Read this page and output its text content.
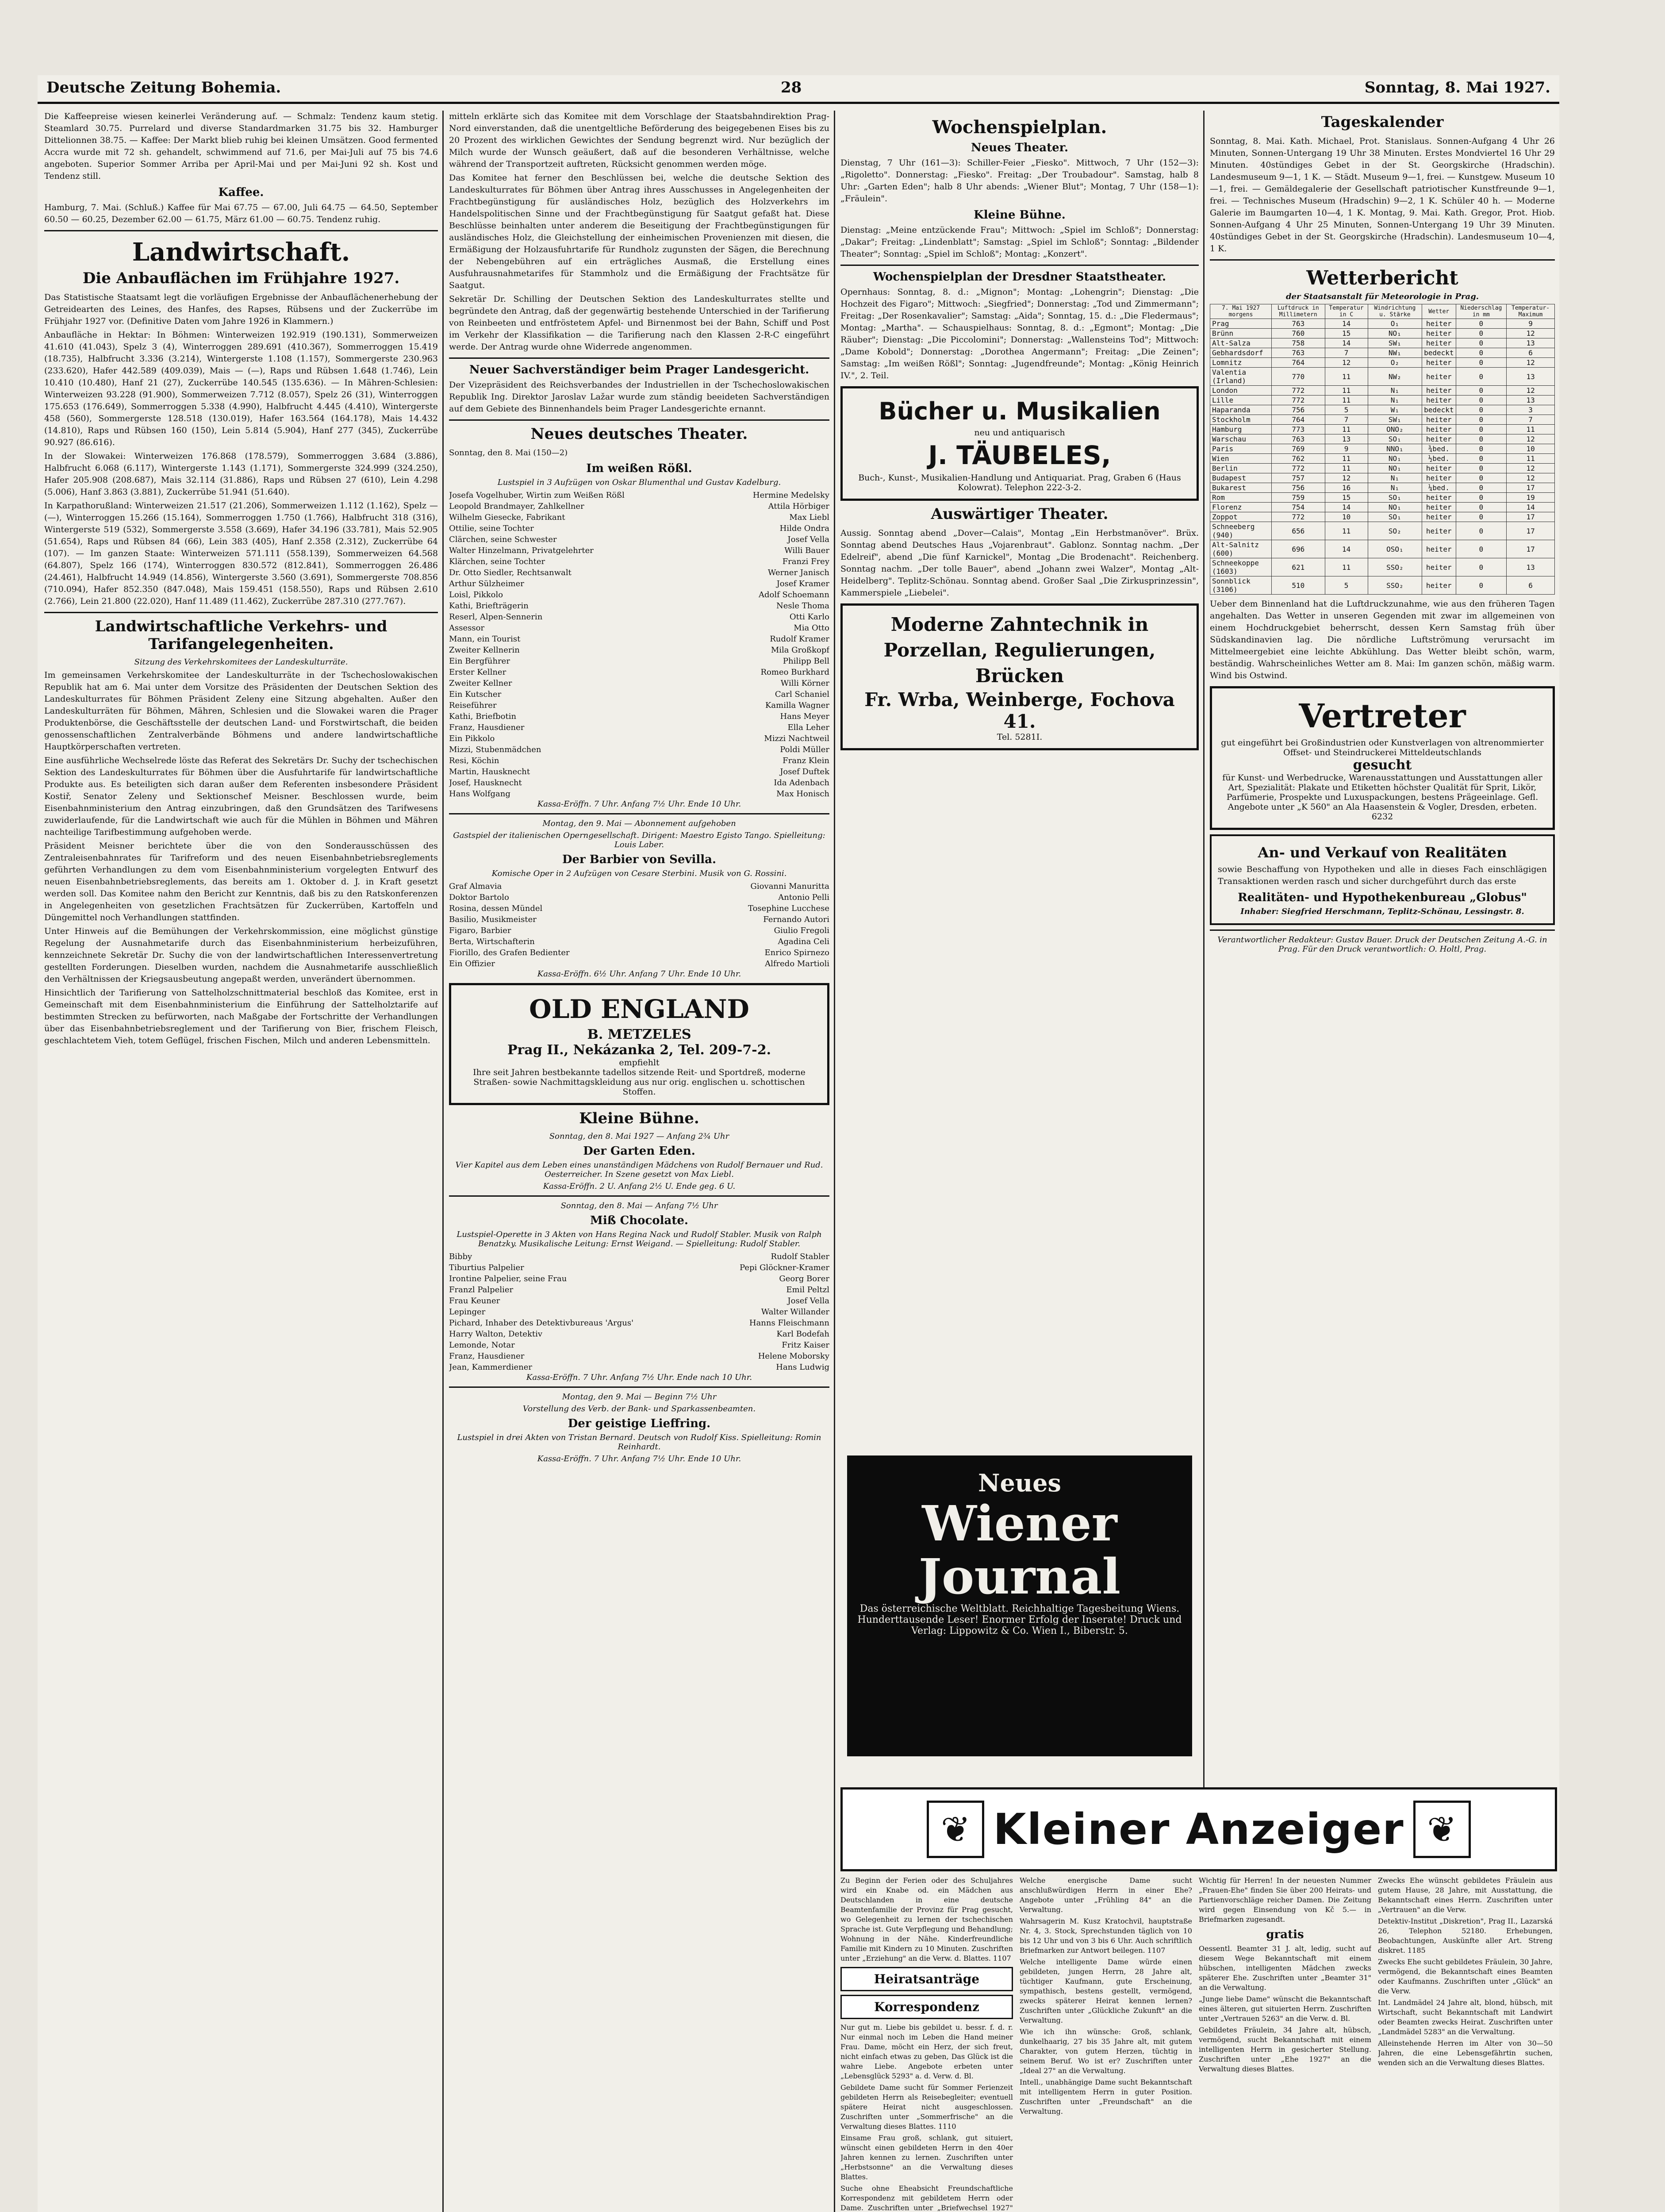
Deutsche Zeitung Bohemia.	28	Sonntag, 8. Mai 1927.

Die Kaffeepreise wiesen keinerlei Veränderung auf. — Schmalz: Tendenz kaum stetig. Steamlard 30.75. Purrelard und diverse Standardmarken 31.75 bis 32. Hamburger Dittelionnen 38.75. — Kaffee: Der Markt blieb ruhig bei kleinen Umsätzen. Good fermented Accra wurde mit 72 sh. gehandelt, schwimmend auf 71.6, per Mai-Juli auf 75 bis 74.6 angeboten. Superior Sommer Arriba per April-Mai und per Mai-Juni 92 sh. Kost und Tendenz still.

Kaffee.

Hamburg, 7. Mai. (Schluß.) Kaffee für Mai 67.75 — 67.00, Juli 64.75 — 64.50, September 60.50 — 60.25, Dezember 62.00 — 61.75, März 61.00 — 60.75. Tendenz ruhig.

Landwirtschaft.
Die Anbauflächen im Frühjahre 1927.

Das Statistische Staatsamt legt die vorläufigen Ergebnisse der Anbauflächenerhebung der Getreidearten des Leines, des Hanfes, des Rapses, Rübsens und der Zuckerrübe im Frühjahr 1927 vor. (Definitive Daten vom Jahre 1926 in Klammern.)

Anbaufläche in Hektar: In Böhmen: Winterweizen 192.919 (190.131), Sommerweizen 41.610 (41.043), Spelz 3 (4), Winterroggen 289.691 (410.367), Sommerroggen 15.419 (18.735), Halbfrucht 3.336 (3.214), Wintergerste 1.108 (1.157), Sommergerste 230.963 (233.620), Hafer 442.589 (409.039), Mais — (—), Raps und Rübsen 1.648 (1.746), Lein 10.410 (10.480), Hanf 21 (27), Zuckerrübe 140.545 (135.636). — In Mähren-Schlesien: Winterweizen 93.228 (91.900), Sommerweizen 7.712 (8.057), Spelz 26 (31), Winterroggen 175.653 (176.649), Sommerroggen 5.338 (4.990), Halbfrucht 4.445 (4.410), Wintergerste 458 (560), Sommergerste 128.518 (130.019), Hafer 163.564 (164.178), Mais 14.432 (14.810), Raps und Rübsen 160 (150), Lein 5.814 (5.904), Hanf 277 (345), Zuckerrübe 90.927 (86.616).

In der Slowakei: Winterweizen 176.868 (178.579), Sommerroggen 3.684 (3.886), Halbfrucht 6.068 (6.117), Wintergerste 1.143 (1.171), Sommergerste 324.999 (324.250), Hafer 205.908 (208.687), Mais 32.114 (31.886), Raps und Rübsen 27 (610), Lein 4.298 (5.006), Hanf 3.863 (3.881), Zuckerrübe 51.941 (51.640).

In Karpathorußland: Winterweizen 21.517 (21.206), Sommerweizen 1.112 (1.162), Spelz — (—), Winterroggen 15.266 (15.164), Sommerroggen 1.750 (1.766), Halbfrucht 318 (316), Wintergerste 519 (532), Sommergerste 3.558 (3.669), Hafer 34.196 (33.781), Mais 52.905 (51.654), Raps und Rübsen 84 (66), Lein 383 (405), Hanf 2.358 (2.312), Zuckerrübe 64 (107). — Im ganzen Staate: Winterweizen 571.111 (558.139), Sommerweizen 64.568 (64.807), Spelz 166 (174), Winterroggen 830.572 (812.841), Sommerroggen 26.486 (24.461), Halbfrucht 14.949 (14.856), Wintergerste 3.560 (3.691), Sommergerste 708.856 (710.094), Hafer 852.350 (847.048), Mais 159.451 (158.550), Raps und Rübsen 2.610 (2.766), Lein 21.800 (22.020), Hanf 11.489 (11.462), Zuckerrübe 287.310 (277.767).

Landwirtschaftliche Verkehrs- und Tarifangelegenheiten.
Sitzung des Verkehrskomitees der Landeskulturräte.

Im gemeinsamen Verkehrskomitee der Landeskulturräte in der Tschechoslowakischen Republik hat am 6. Mai unter dem Vorsitze des Präsidenten der Deutschen Sektion des Landeskulturrates für Böhmen Präsident Zeleny eine Sitzung abgehalten. Außer den Landeskulturräten für Böhmen, Mähren, Schlesien und die Slowakei waren die Prager Produktenbörse, die Geschäftsstelle der deutschen Land- und Forstwirtschaft, die beiden genossenschaftlichen Zentralverbände Böhmens und andere landwirtschaftliche Hauptkörperschaften vertreten.

Eine ausführliche Wechselrede löste das Referat des Sekretärs Dr. Suchy der tschechischen Sektion des Landeskulturrates für Böhmen über die Ausfuhrtarife für landwirtschaftliche Produkte aus. Es beteiligten sich daran außer dem Referenten insbesondere Präsident Kostiř, Senator Zeleny und Sektionschef Meisner. Beschlossen wurde, beim Eisenbahnministerium den Antrag einzubringen, daß den Grundsätzen des Tarifwesens zuwiderlaufende, für die Landwirtschaft wie auch für die Mühlen in Böhmen und Mähren nachteilige Tarifbestimmung aufgehoben werde.

Präsident Meisner berichtete über die von den Sonderausschüssen des Zentraleisenbahnrates für Tarifreform und des neuen Eisenbahnbetriebsreglements geführten Verhandlungen zu dem vom Eisenbahnministerium vorgelegten Entwurf des neuen Eisenbahnbetriebsreglements, das bereits am 1. Oktober d. J. in Kraft gesetzt werden soll. Das Komitee nahm den Bericht zur Kenntnis, daß bis zu den Ratskonferenzen in Angelegenheiten von gesetzlichen Frachtsätzen für Zuckerrüben, Kartoffeln und Düngemittel noch Verhandlungen stattfinden.

Unter Hinweis auf die Bemühungen der Verkehrskommission, eine möglichst günstige Regelung der Ausnahmetarife durch das Eisenbahnministerium herbeizuführen, kennzeichnete Sekretär Dr. Suchy die von der landwirtschaftlichen Interessenvertretung gestellten Forderungen. Dieselben wurden, nachdem die Ausnahmetarife ausschließlich den Verhältnissen der Kriegsausbeutung angepaßt werden, unverändert übernommen.

Hinsichtlich der Tarifierung von Sattelholzschnittmaterial beschloß das Komitee, erst in Gemeinschaft mit dem Eisenbahnministerium die Einführung der Sattelholztarife auf bestimmten Strecken zu befürworten, nach Maßgabe der Fortschritte der Verhandlungen über das Eisenbahnbetriebsreglement und der Tarifierung von Bier, frischem Fleisch, geschlachtetem Vieh, totem Geflügel, frischen Fischen, Milch und anderen Lebensmitteln.

mitteln erklärte sich das Komitee mit dem Vorschlage der Staatsbahndirektion Prag-Nord einverstanden, daß die unentgeltliche Beförderung des beigegebenen Eises bis zu 20 Prozent des wirklichen Gewichtes der Sendung begrenzt wird. Nur bezüglich der Milch wurde der Wunsch geäußert, daß auf die besonderen Verhältnisse, welche während der Transportzeit auftreten, Rücksicht genommen werden möge.

Das Komitee hat ferner den Beschlüssen bei, welche die deutsche Sektion des Landeskulturrates für Böhmen über Antrag ihres Ausschusses in Angelegenheiten der Frachtbegünstigung für ausländisches Holz, bezüglich des Holzverkehrs im Handelspolitischen Sinne und der Frachtbegünstigung für Saatgut gefaßt hat. Diese Beschlüsse beinhalten unter anderem die Beseitigung der Frachtbegünstigungen für ausländisches Holz, die Gleichstellung der einheimischen Provenienzen mit diesen, die Ermäßigung der Holzausfuhrtarife für Rundholz zugunsten der Sägen, die Berechnung der Nebengebühren auf ein erträgliches Ausmaß, die Erstellung eines Ausfuhrausnahmetarifes für Stammholz und die Ermäßigung der Frachtsätze für Saatgut.

Sekretär Dr. Schilling der Deutschen Sektion des Landeskulturrates stellte und begründete den Antrag, daß der gegenwärtig bestehende Unterschied in der Tarifierung von Reinbeeten und entfröstetem Apfel- und Birnenmost bei der Bahn, Schiff und Post im Verkehr der Klassifikation — die Tarifierung nach den Klassen 2-R-C eingeführt werde. Der Antrag wurde ohne Widerrede angenommen.

Neuer Sachverständiger beim Prager Landesgericht.

Der Vizepräsident des Reichsverbandes der Industriellen in der Tschechoslowakischen Republik Ing. Direktor Jaroslav Lažar wurde zum ständig beeideten Sachverständigen auf dem Gebiete des Binnenhandels beim Prager Landesgerichte ernannt.

Neues deutsches Theater.
Sonntag, den 8. Mai (150—2)
Im weißen Rößl.
Lustspiel in 3 Aufzügen von Oskar Blumenthal und Gustav Kadelburg.
Josefa Vogelhuber, Wirtin zum Weißen Rößl	Hermine Medelsky
Leopold Brandmayer, Zahlkellner	Attila Hörbiger
Wilhelm Giesecke, Fabrikant	Max Liebl
Ottilie, seine Tochter	Hilde Ondra
Clärchen, seine Schwester	Josef Vella
Walter Hinzelmann, Privatgelehrter	Willi Bauer
Klärchen, seine Tochter	Franzi Frey
Dr. Otto Siedler, Rechtsanwalt	Werner Janisch
Arthur Sülzheimer	Josef Kramer
Loisl, Pikkolo	Adolf Schoemann
Kathi, Briefträgerin	Nesle Thoma
Reserl, Alpen-Sennerin	Otti Karlo
Assessor	Mia Otto
Mann, ein Tourist	Rudolf Kramer
Zweiter Kellnerin	Mila Großkopf
Ein Bergführer	Philipp Bell
Erster Kellner	Romeo Burkhard
Zweiter Kellner	Willi Körner
Ein Kutscher	Carl Schaniel
Reiseführer	Kamilla Wagner
Kathi, Briefbotin	Hans Meyer
Franz, Hausdiener	Ella Leher
Ein Pikkolo	Mizzi Nachtweil
Mizzi, Stubenmädchen	Poldi Müller
Resi, Köchin	Franz Klein
Martin, Hausknecht	Josef Duftek
Josef, Hausknecht	Ida Adenbach
Hans Wolfgang	Max Honisch
Kassa-Eröffn. 7 Uhr. Anfang 7½ Uhr. Ende 10 Uhr.
Montag, den 9. Mai — Abonnement aufgehoben
Gastspiel der italienischen Operngesellschaft. Dirigent: Maestro Egisto Tango. Spielleitung: Louis Laber.
Der Barbier von Sevilla.
Komische Oper in 2 Aufzügen von Cesare Sterbini. Musik von G. Rossini.
Graf Almavia	Giovanni Manuritta
Doktor Bartolo	Antonio Pelli
Rosina, dessen Mündel	Tosephine Lucchese
Basilio, Musikmeister	Fernando Autori
Figaro, Barbier	Giulio Fregoli
Berta, Wirtschafterin	Agadina Celi
Fiorillo, des Grafen Bedienter	Enrico Spirnezo
Ein Offizier	Alfredo Martioli
Kassa-Eröffn. 6½ Uhr. Anfang 7 Uhr. Ende 10 Uhr.
OLD ENGLAND
B. METZELES
Prag II., Nekázanka 2, Tel. 209-7-2.
empfiehlt
Ihre seit Jahren bestbekannte tadellos sitzende Reit- und Sportdreß, moderne Straßen- sowie Nachmittagskleidung aus nur orig. englischen u. schottischen Stoffen.
Kleine Bühne.
Sonntag, den 8. Mai 1927 — Anfang 2¾ Uhr
Der Garten Eden.
Vier Kapitel aus dem Leben eines unanständigen Mädchens von Rudolf Bernauer und Rud. Oesterreicher. In Szene gesetzt von Max Liebl.
Kassa-Eröffn. 2 U. Anfang 2½ U. Ende geg. 6 U.
Sonntag, den 8. Mai — Anfang 7½ Uhr
Miß Chocolate.
Lustspiel-Operette in 3 Akten von Hans Regina Nack und Rudolf Stabler. Musik von Ralph Benatzky. Musikalische Leitung: Ernst Weigand. — Spielleitung: Rudolf Stabler.
Bibby	Rudolf Stabler
Tiburtius Palpelier	Pepi Glöckner-Kramer
Irontine Palpelier, seine Frau	Georg Borer
Franzl Palpelier	Emil Peltzl
Frau Keuner	Josef Vella
Lepinger	Walter Willander
Pichard, Inhaber des Detektivbureaus 'Argus'	Hanns Fleischmann
Harry Walton, Detektiv	Karl Bodefah
Lemonde, Notar	Fritz Kaiser
Franz, Hausdiener	Helene Moborsky
Jean, Kammerdiener	Hans Ludwig
Kassa-Eröffn. 7 Uhr. Anfang 7½ Uhr. Ende nach 10 Uhr.
Montag, den 9. Mai — Beginn 7½ Uhr
Vorstellung des Verb. der Bank- und Sparkassenbeamten.
Der geistige Lieffring.
Lustspiel in drei Akten von Tristan Bernard. Deutsch von Rudolf Kiss. Spielleitung: Romin Reinhardt.
Kassa-Eröffn. 7 Uhr. Anfang 7½ Uhr. Ende 10 Uhr.
Wochenspielplan.
Neues Theater.

Dienstag, 7 Uhr (161—3): Schiller-Feier „Fiesko". Mittwoch, 7 Uhr (152—3): „Rigoletto". Donnerstag: „Fiesko". Freitag: „Der Troubadour". Samstag, halb 8 Uhr: „Garten Eden"; halb 8 Uhr abends: „Wiener Blut"; Montag, 7 Uhr (158—1): „Fräulein".

Kleine Bühne.

Dienstag: „Meine entzückende Frau"; Mittwoch: „Spiel im Schloß"; Donnerstag: „Dakar"; Freitag: „Lindenblatt"; Samstag: „Spiel im Schloß"; Sonntag: „Bildender Theater"; Sonntag: „Spiel im Schloß"; Montag: „Konzert".

Wochenspielplan der Dresdner Staatstheater.

Opernhaus: Sonntag, 8. d.: „Mignon"; Montag: „Lohengrin"; Dienstag: „Die Hochzeit des Figaro"; Mittwoch: „Siegfried"; Donnerstag: „Tod und Zimmermann"; Freitag: „Der Rosenkavalier"; Samstag: „Aida"; Sonntag, 15. d.: „Die Fledermaus"; Montag: „Martha". — Schauspielhaus: Sonntag, 8. d.: „Egmont"; Montag: „Die Räuber"; Dienstag: „Die Piccolomini"; Donnerstag: „Wallensteins Tod"; Mittwoch: „Dame Kobold"; Donnerstag: „Dorothea Angermann"; Freitag: „Die Zeinen"; Samstag: „Im weißen Rößl"; Sonntag: „Jugendfreunde"; Montag: „König Heinrich IV.", 2. Teil.

Bücher u. Musikalien
neu und antiquarisch
J. TÄUBELES,
Buch-, Kunst-, Musikalien-Handlung und Antiquariat. Prag, Graben 6 (Haus Kolowrat). Telephon 222-3-2.
Auswärtiger Theater.

Aussig. Sonntag abend „Dover—Calais", Montag „Ein Herbstmanöver". Brüx. Sonntag abend Deutsches Haus „Vojarenbraut". Gablonz. Sonntag nachm. „Der Edelreif", abend „Die fünf Karnickel", Montag „Die Brodenacht". Reichenberg. Sonntag nachm. „Der tolle Bauer", abend „Johann zwei Walzer", Montag „Alt-Heidelberg". Teplitz-Schönau. Sonntag abend. Großer Saal „Die Zirkusprinzessin", Kammerspiele „Liebelei".

Moderne Zahntechnik in Porzellan, Regulierungen, Brücken
Fr. Wrba, Weinberge, Fochova 41.
Tel. 5281I.
Neues
Wiener Journal
Das österreichische Weltblatt. Reichhaltige Tagesbeitung Wiens. Hunderttausende Leser! Enormer Erfolg der Inserate! Druck und Verlag: Lippowitz & Co. Wien I., Biberstr. 5.
Tageskalender

Sonntag, 8. Mai. Kath. Michael, Prot. Stanislaus. Sonnen-Aufgang 4 Uhr 26 Minuten, Sonnen-Untergang 19 Uhr 38 Minuten. Erstes Mondviertel 16 Uhr 29 Minuten. 40stündiges Gebet in der St. Georgskirche (Hradschin). Landesmuseum 9—1, 1 K. — Städt. Museum 9—1, frei. — Kunstgew. Museum 10—1, frei. — Gemäldegalerie der Gesellschaft patriotischer Kunstfreunde 9—1, frei. — Technisches Museum (Hradschin) 9—2, 1 K. Schüler 40 h. — Moderne Galerie im Baumgarten 10—4, 1 K. Montag, 9. Mai. Kath. Gregor, Prot. Hiob. Sonnen-Aufgang 4 Uhr 25 Minuten, Sonnen-Untergang 19 Uhr 39 Minuten. 40stündiges Gebet in der St. Georgskirche (Hradschin). Landesmuseum 10—4, 1 K.

Wetterbericht
der Staatsanstalt für Meteorologie in Prag.
7. Mai 1927 morgens	Luftdruck in Millimetern	Temperatur in C	Windrichtung u. Stärke	Wetter	Niederschlag in mm	Temperatur-Maximum
Prag	763	14	O₁	heiter	0	9
Brünn	760	15	NO₁	heiter	0	12
Alt-Salza	758	14	SW₁	heiter	0	13
Gebhardsdorf	763	7	NW₁	bedeckt	0	6
Lomnitz	764	12	O₂	heiter	0	12
Valentia (Irland)	770	11	NW₂	heiter	0	13
London	772	11	N₁	heiter	0	12
Lille	772	11	N₁	heiter	0	13
Haparanda	756	5	W₁	bedeckt	0	3
Stockholm	764	7	SW₁	heiter	0	7
Hamburg	773	11	ONO₂	heiter	0	11
Warschau	763	13	SO₁	heiter	0	12
Paris	769	9	NNO₁	¾bed.	0	10
Wien	762	11	NO₁	½bed.	0	11
Berlin	772	11	NO₁	heiter	0	12
Budapest	757	12	N₁	heiter	0	12
Bukarest	756	16	N₁	¼bed.	0	17
Rom	759	15	SO₁	heiter	0	19
Florenz	754	14	NO₁	heiter	0	14
Zoppot	772	10	SO₁	heiter	0	17
Schneeberg (940)	656	11	SO₂	heiter	0	17
Alt-Salnitz (600)	696	14	OSO₁	heiter	0	17
Schneekoppe (1603)	621	11	SSO₂	heiter	0	13
Sonnblick (3106)	510	5	SSO₂	heiter	0	6

Ueber dem Binnenland hat die Luftdruckzunahme, wie aus den früheren Tagen angehalten. Das Wetter in unseren Gegenden mit zwar im allgemeinen von einem Hochdruckgebiet beherrscht, dessen Kern Samstag früh über Südskandinavien lag. Die nördliche Luftströmung verursacht im Mittelmeergebiet eine leichte Abkühlung. Das Wetter bleibt schön, warm, beständig. Wahrscheinliches Wetter am 8. Mai: Im ganzen schön, mäßig warm. Wind bis Ostwind.

Vertreter
gut eingeführt bei Großindustrien oder Kunstverlagen von altrenommierter Offset- und Steindruckerei Mitteldeutschlands
gesucht
für Kunst- und Werbedrucke, Warenausstattungen und Ausstattungen aller Art, Spezialität: Plakate und Etiketten höchster Qualität für Sprit, Likör, Parfümerie, Prospekte und Luxuspackungen, bestens Prägeeinlage. Gefl. Angebote unter „K 560" an Ala Haasenstein & Vogler, Dresden, erbeten. 6232
An- und Verkauf von Realitäten

sowie Beschaffung von Hypotheken und alle in dieses Fach einschlägigen Transaktionen werden rasch und sicher durchgeführt durch das erste

Realitäten- und Hypothekenbureau „Globus"
Inhaber: Siegfried Herschmann, Teplitz-Schönau, Lessingstr. 8.
Verantwortlicher Redakteur: Gustav Bauer. Druck der Deutschen Zeitung A.-G. in Prag. Für den Druck verantwortlich: O. Holtl, Prag.
❦ Kleiner Anzeiger ❦

Zu Beginn der Ferien oder des Schuljahres wird ein Knabe od. ein Mädchen aus Deutschlanden in eine deutsche Beamtenfamilie der Provinz für Prag gesucht, wo Gelegenheit zu lernen der tschechischen Sprache ist. Gute Verpflegung und Behandlung; Wohnung in der Nähe. Kinderfreundliche Familie mit Kindern zu 10 Minuten. Zuschriften unter „Erziehung" an die Verw. d. Blattes. 1107

Heiratsanträge
Korrespondenz

Nur gut m. Liebe bis gebildet u. bessr. f. d. r. Nur einmal noch im Leben die Hand meiner Frau. Dame, möcht ein Herz, der sich freut, nicht einfach etwas zu geben, Das Glück ist die wahre Liebe. Angebote erbeten unter „Lebensglück 5293" a. d. Verw. d. Bl.

Gebildete Dame sucht für Sommer Ferienzeit gebildeten Herrn als Reisebegleiter; eventuell spätere Heirat nicht ausgeschlossen. Zuschriften unter „Sommerfrische" an die Verwaltung dieses Blattes. 1110

Einsame Frau groß, schlank, gut situiert, wünscht einen gebildeten Herrn in den 40er Jahren kennen zu lernen. Zuschriften unter „Herbstsonne" an die Verwaltung dieses Blattes.

Suche ohne Eheabsicht Freundschaftliche Korrespondenz mit gebildetem Herrn oder Dame. Zuschriften unter „Briefwechsel 1927"

Welche energische Dame sucht anschlußwürdigen Herrn in einer Ehe? Angebote unter „Frühling 84" an die Verwaltung.

Wahrsagerin M. Kusz Kratochvil, hauptstraße Nr. 4, 3. Stock, Sprechstunden täglich von 10 bis 12 Uhr und von 3 bis 6 Uhr. Auch schriftlich Briefmarken zur Antwort beilegen. 1107

Welche intelligente Dame würde einen gebildeten, jungen Herrn, 28 Jahre alt, tüchtiger Kaufmann, gute Erscheinung, sympathisch, bestens gestellt, vermögend, zwecks späterer Heirat kennen lernen? Zuschriften unter „Glückliche Zukunft" an die Verwaltung.

Wie ich ihn wünsche: Groß, schlank, dunkelhaarig, 27 bis 35 Jahre alt, mit gutem Charakter, von gutem Herzen, tüchtig in seinem Beruf. Wo ist er? Zuschriften unter „Ideal 27" an die Verwaltung.

Intell., unabhängige Dame sucht Bekanntschaft mit intelligentem Herrn in guter Position. Zuschriften unter „Freundschaft" an die Verwaltung.

Wichtig für Herren! In der neuesten Nummer „Frauen-Ehe" finden Sie über 200 Heirats- und Partienvorschläge reicher Damen. Die Zeitung wird gegen Einsendung von Kč 5.— in Briefmarken zugesandt.

gratis

Oessentl. Beamter 31 J. alt, ledig, sucht auf diesem Wege Bekanntschaft mit einem hübschen, intelligenten Mädchen zwecks späterer Ehe. Zuschriften unter „Beamter 31" an die Verwaltung.

„Junge liebe Dame" wünscht die Bekanntschaft eines älteren, gut situierten Herrn. Zuschriften unter „Vertrauen 5263" an die Verw. d. Bl.

Gebildetes Fräulein, 34 Jahre alt, hübsch, vermögend, sucht Bekanntschaft mit einem intelligenten Herrn in gesicherter Stellung. Zuschriften unter „Ehe 1927" an die Verwaltung dieses Blattes.

Zwecks Ehe wünscht gebildetes Fräulein aus gutem Hause, 28 Jahre, mit Ausstattung, die Bekanntschaft eines Herrn. Zuschriften unter „Vertrauen" an die Verw.

Detektiv-Institut „Diskretion", Prag II., Lazarská 26, Telephon 52180. Erhebungen, Beobachtungen, Auskünfte aller Art. Streng diskret. 1185

Zwecks Ehe sucht gebildetes Fräulein, 30 Jahre, vermögend, die Bekanntschaft eines Beamten oder Kaufmanns. Zuschriften unter „Glück" an die Verw.

Int. Landmädel 24 Jahre alt, blond, hübsch, mit Wirtschaft, sucht Bekanntschaft mit Landwirt oder Beamten zwecks Heirat. Zuschriften unter „Landmädel 5283" an die Verwaltung.

Alleinstehende Herren im Alter von 30—50 Jahren, die eine Lebensgefährtin suchen, wenden sich an die Verwaltung dieses Blattes.
